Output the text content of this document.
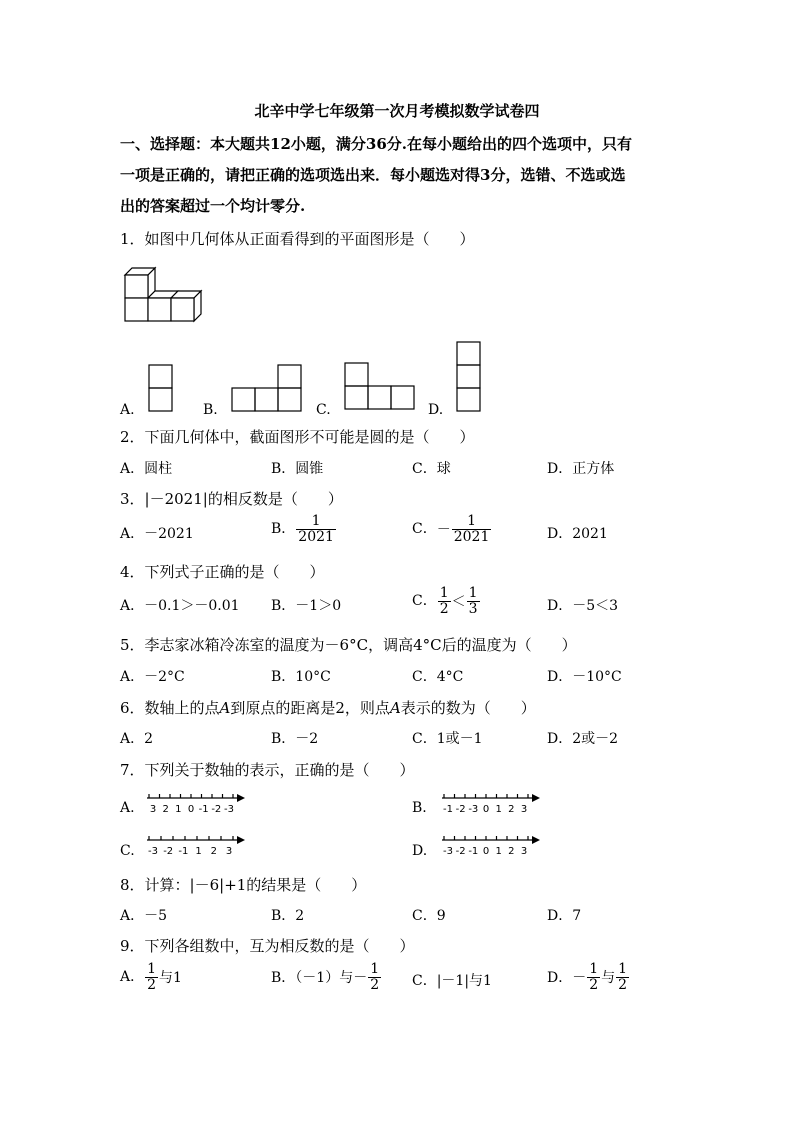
北辛中学七年级第一次月考模拟数学试卷四
一、选择题：本大题共12小题，满分36分.在每小题给出的四个选项中，只有
一项是正确的，请把正确的选项选出来．每小题选对得3分，选错、不选或选
出的答案超过一个均计零分.
1．如图中几何体从正面看得到的平面图形是（　　）
A.	B.	C.	D.
2．下面几何体中，截面图形不可能是圆的是（　　）
A．圆柱	B．圆锥	C．球	D．正方体
3．|－2021|的相反数是（　　）
A．－2021	B． $\frac{1}{2021}$	C．－ $\frac{1}{2021}$	D．2021
4．下列式子正确的是（　　）
A．－0.1＞－0.01 B．－1＞0	C． $\frac{1}{2} < \frac{1}{3}$	D．－5＜3
5．李志家冰箱冷冻室的温度为－6°C，调高4°C后的温度为（　　）
A．－2°C	B．10°C	C．4°C	D．－10°C
6．数轴上的点A到原点的距离是2，则点A表示的数为（　　）
A．2	B．－2	C．1或－1	D．2或－2
7．下列关于数轴的表示，正确的是（　　）
A. 3 2 1 0 -1 -2 -3	B. -1 -2 -3 0 1 2 3
C. -3 -2 -1 1 2 3	D. -3 -2 -1 0 1 2 3
8．计算：|－6|+1的结果是（　　）
A．－5	B．2	C．9	D．7
9．下列各组数中，互为相反数的是（　　）
A． $\frac{1}{2}$ 与1	B．（－1）与－ $\frac{1}{2}$ C．|－1|与1	D．－ $\frac{1}{2}$ 与 $\frac{1}{2}$
